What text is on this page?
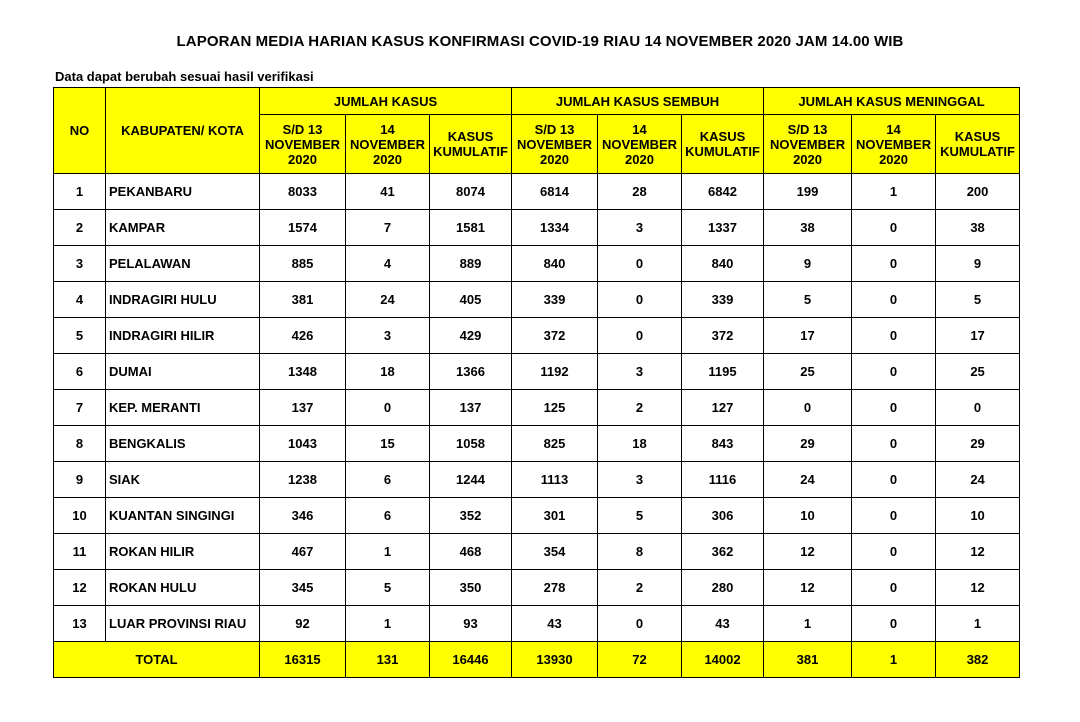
LAPORAN MEDIA HARIAN KASUS KONFIRMASI COVID-19 RIAU 14 NOVEMBER 2020 JAM 14.00 WIB
Data dapat berubah sesuai hasil verifikasi
NO	KABUPATEN/ KOTA	JUMLAH KASUS			JUMLAH KASUS SEMBUH			JUMLAH KASUS MENINGGAL		

		S/D 13
NOVEMBER
2020	14
NOVEMBER
2020	KASUS
KUMULATIF	S/D 13
NOVEMBER
2020	14
NOVEMBER
2020	KASUS
KUMULATIF	S/D 13
NOVEMBER
2020	14
NOVEMBER
2020	KASUS
KUMULATIF

1	PEKANBARU	8033	41	8074	6814	28	6842	199	1	200
2	KAMPAR	1574	7	1581	1334	3	1337	38	0	38
3	PELALAWAN	885	4	889	840	0	840	9	0	9
4	INDRAGIRI HULU	381	24	405	339	0	339	5	0	5
5	INDRAGIRI HILIR	426	3	429	372	0	372	17	0	17
6	DUMAI	1348	18	1366	1192	3	1195	25	0	25
7	KEP. MERANTI	137	0	137	125	2	127	0	0	0
8	BENGKALIS	1043	15	1058	825	18	843	29	0	29
9	SIAK	1238	6	1244	1113	3	1116	24	0	24
10	KUANTAN SINGINGI	346	6	352	301	5	306	10	0	10
11	ROKAN HILIR	467	1	468	354	8	362	12	0	12
12	ROKAN HULU	345	5	350	278	2	280	12	0	12
13	LUAR PROVINSI RIAU	92	1	93	43	0	43	1	0	1
TOTAL		16315	131	16446	13930	72	14002	381	1	382
